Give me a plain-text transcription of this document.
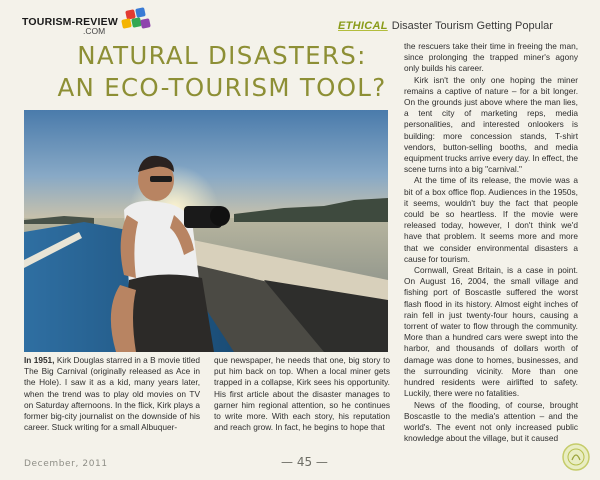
TOURISM-REVIEW
.COM	ETHICAL Disaster Tourism Getting Popular
NATURAL DISASTERS:
AN ECO-TOURISM TOOL?

In 1951, Kirk Douglas starred in a B movie titled The Big Carnival (originally released as Ace in the Hole). I saw it as a kid, many years later, when the trend was to play old movies on TV on Saturday afternoons. In the flick, Kirk plays a former big-city journalist on the downside of his career. Stuck writing for a small Albuquer-

que newspaper, he needs that one, big story to put him back on top. When a local miner gets trapped in a collapse, Kirk sees his opportunity. His first article about the disaster manages to garner him regional attention, so he continues to write more. With each story, his reputation and reach grow. In fact, he begins to hope that

the rescuers take their time in freeing the man, since prolonging the trapped miner's agony only builds his career.

Kirk isn't the only one hoping the miner remains a captive of nature – for a bit longer. On the grounds just above where the man lies, a tent city of marketing reps, media personalities, and interested onlookers is building: more concession stands, T-shirt vendors, button-selling booths, and media equipment trucks arrive every day. In effect, the scene turns into a big "carnival."

At the time of its release, the movie was a bit of a box office flop. Audiences in the 1950s, it seems, wouldn't buy the fact that people could be so heartless. If the movie were released today, however, I don't think we'd have that problem. It seems more and more that we consider environmental disasters a cause for tourism.

Cornwall, Great Britain, is a case in point. On August 16, 2004, the small village and fishing port of Boscastle suffered the worst flash flood in its history. Almost eight inches of rain fell in just twenty-four hours, causing a torrent of water to flow through the community. More than a hundred cars were swept into the harbor, and thousands of dollars worth of damage was done to homes, businesses, and the surrounding vicinity. More than one hundred residents were airlifted to safety. Luckily, there were no fatalities.

News of the flooding, of course, brought Boscastle to the media's attention – and the world's. The event not only increased public knowledge about the village, but it caused

December, 2011	— 45 —
